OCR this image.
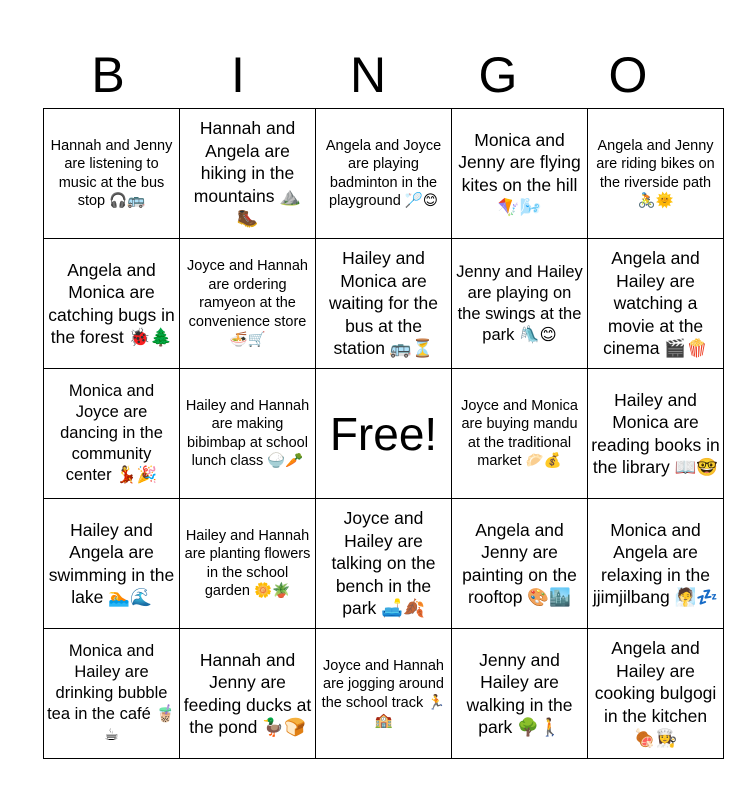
B	I	N	G	O
Hannah and Jenny are listening to music at the bus stop 🎧🚌	Hannah and Angela are hiking in the mountains ⛰️🥾	Angela and Joyce are playing badminton in the playground 🏸😊	Monica and Jenny are flying kites on the hill 🪁🌬️	Angela and Jenny are riding bikes on the riverside path 🚴🌞

Angela and Monica are catching bugs in the forest 🐞🌲	Joyce and Hannah are ordering ramyeon at the convenience store 🍜🛒	Hailey and Monica are waiting for the bus at the station 🚌⏳	Jenny and Hailey are playing on the swings at the park 🛝😊	Angela and Hailey are watching a movie at the cinema 🎬🍿

Monica and Joyce are dancing in the community center 💃🎉	Hailey and Hannah are making bibimbap at school lunch class 🍚🥕	Free!	Joyce and Monica are buying mandu at the traditional market 🥟💰	Hailey and Monica are reading books in the library 📖🤓

Hailey and Angela are swimming in the lake 🏊🌊	Hailey and Hannah are planting flowers in the school garden 🌼🪴	Joyce and Hailey are talking on the bench in the park 🛋️🍂	Angela and Jenny are painting on the rooftop 🎨🏙️	Monica and Angela are relaxing in the jjimjilbang 🧖💤

Monica and Hailey are drinking bubble tea in the café 🧋☕	Hannah and Jenny are feeding ducks at the pond 🦆🍞	Joyce and Hannah are jogging around the school track 🏃🏫	Jenny and Hailey are walking in the park 🌳🚶	Angela and Hailey are cooking bulgogi in the kitchen 🍖👩‍🍳
